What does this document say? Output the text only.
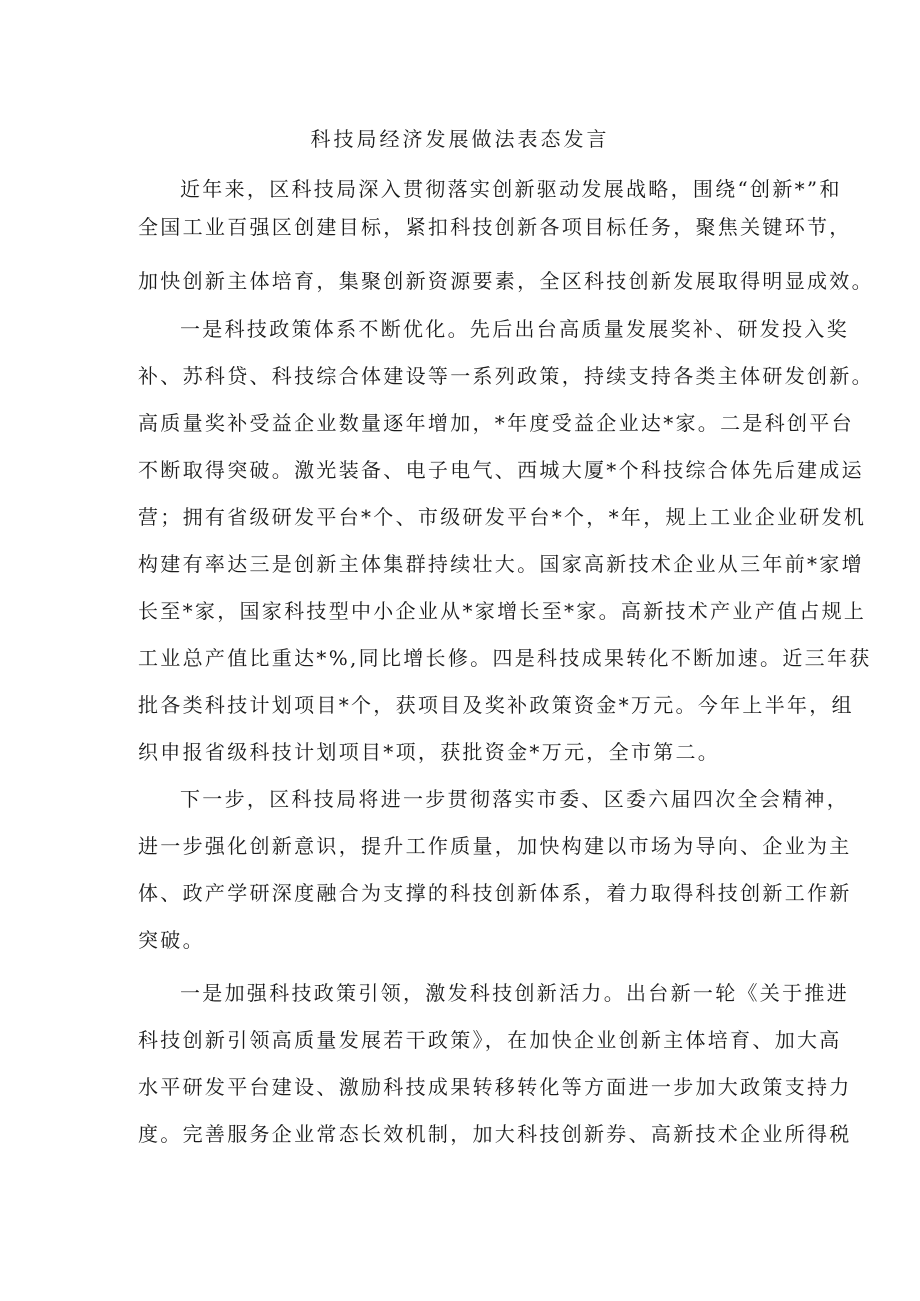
科技局经济发展做法表态发言

近年来，区科技局深入贯彻落实创新驱动发展战略，围绕“创新*”和

全国工业百强区创建目标，紧扣科技创新各项目标任务，聚焦关键环节，

加快创新主体培育，集聚创新资源要素，全区科技创新发展取得明显成效。

一是科技政策体系不断优化。先后出台高质量发展奖补、研发投入奖

补、苏科贷、科技综合体建设等一系列政策，持续支持各类主体研发创新。

高质量奖补受益企业数量逐年增加，*年度受益企业达*家。二是科创平台

不断取得突破。激光装备、电子电气、西城大厦*个科技综合体先后建成运

营；拥有省级研发平台*个、市级研发平台*个，*年，规上工业企业研发机

构建有率达三是创新主体集群持续壮大。国家高新技术企业从三年前*家增

长至*家，国家科技型中小企业从*家增长至*家。高新技术产业产值占规上

工业总产值比重达*%,同比增长修。四是科技成果转化不断加速。近三年获

批各类科技计划项目*个，获项目及奖补政策资金*万元。今年上半年，组

织申报省级科技计划项目*项，获批资金*万元，全市第二。

下一步，区科技局将进一步贯彻落实市委、区委六届四次全会精神，

进一步强化创新意识，提升工作质量，加快构建以市场为导向、企业为主

体、政产学研深度融合为支撑的科技创新体系，着力取得科技创新工作新

突破。

一是加强科技政策引领，激发科技创新活力。出台新一轮《关于推进

科技创新引领高质量发展若干政策》，在加快企业创新主体培育、加大高

水平研发平台建设、激励科技成果转移转化等方面进一步加大政策支持力

度。完善服务企业常态长效机制，加大科技创新券、高新技术企业所得税
